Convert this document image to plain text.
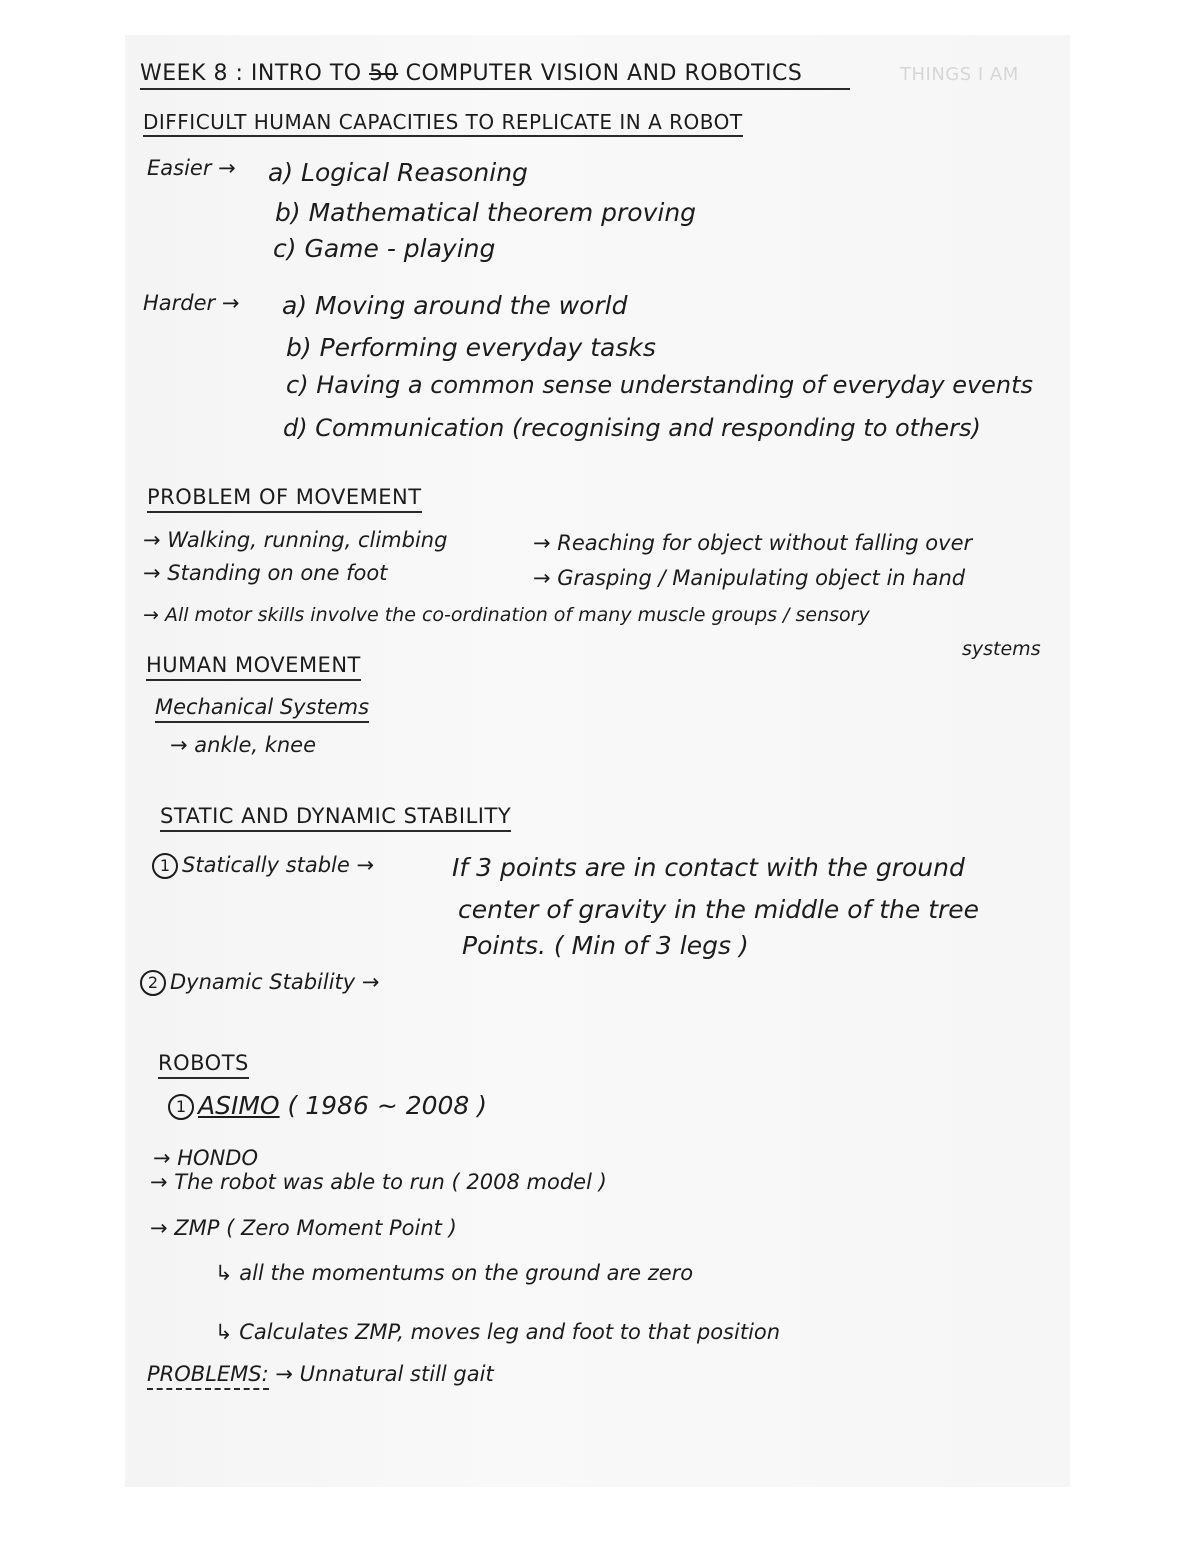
WEEK 8 : INTRO TO 50 COMPUTER VISION AND ROBOTICS	THINGS I AM
DIFFICULT HUMAN CAPACITIES TO REPLICATE IN A ROBOT
Easier → a) Logical Reasoning
b) Mathematical theorem proving
c) Game - playing
Harder → a) Moving around the world
b) Performing everyday tasks
c) Having a common sense understanding of everyday events
d) Communication (recognising and responding to others)
PROBLEM OF MOVEMENT
→ Walking, running, climbing	→ Reaching for object without falling over
→ Standing on one foot	→ Grasping / Manipulating object in hand
→ All motor skills involve the co-ordination of many muscle groups / sensory
systems
HUMAN MOVEMENT
Mechanical Systems
→ ankle, knee
STATIC AND DYNAMIC STABILITY
1 Statically stable →	If 3 points are in contact with the ground
center of gravity in the middle of the tree
Points. ( Min of 3 legs )
2 Dynamic Stability →
ROBOTS
1 ASIMO ( 1986 ~ 2008 )
→ HONDO
→ The robot was able to run ( 2008 model )
→ ZMP ( Zero Moment Point )
↳ all the momentums on the ground are zero
↳ Calculates ZMP, moves leg and foot to that position
PROBLEMS: → Unnatural still gait
